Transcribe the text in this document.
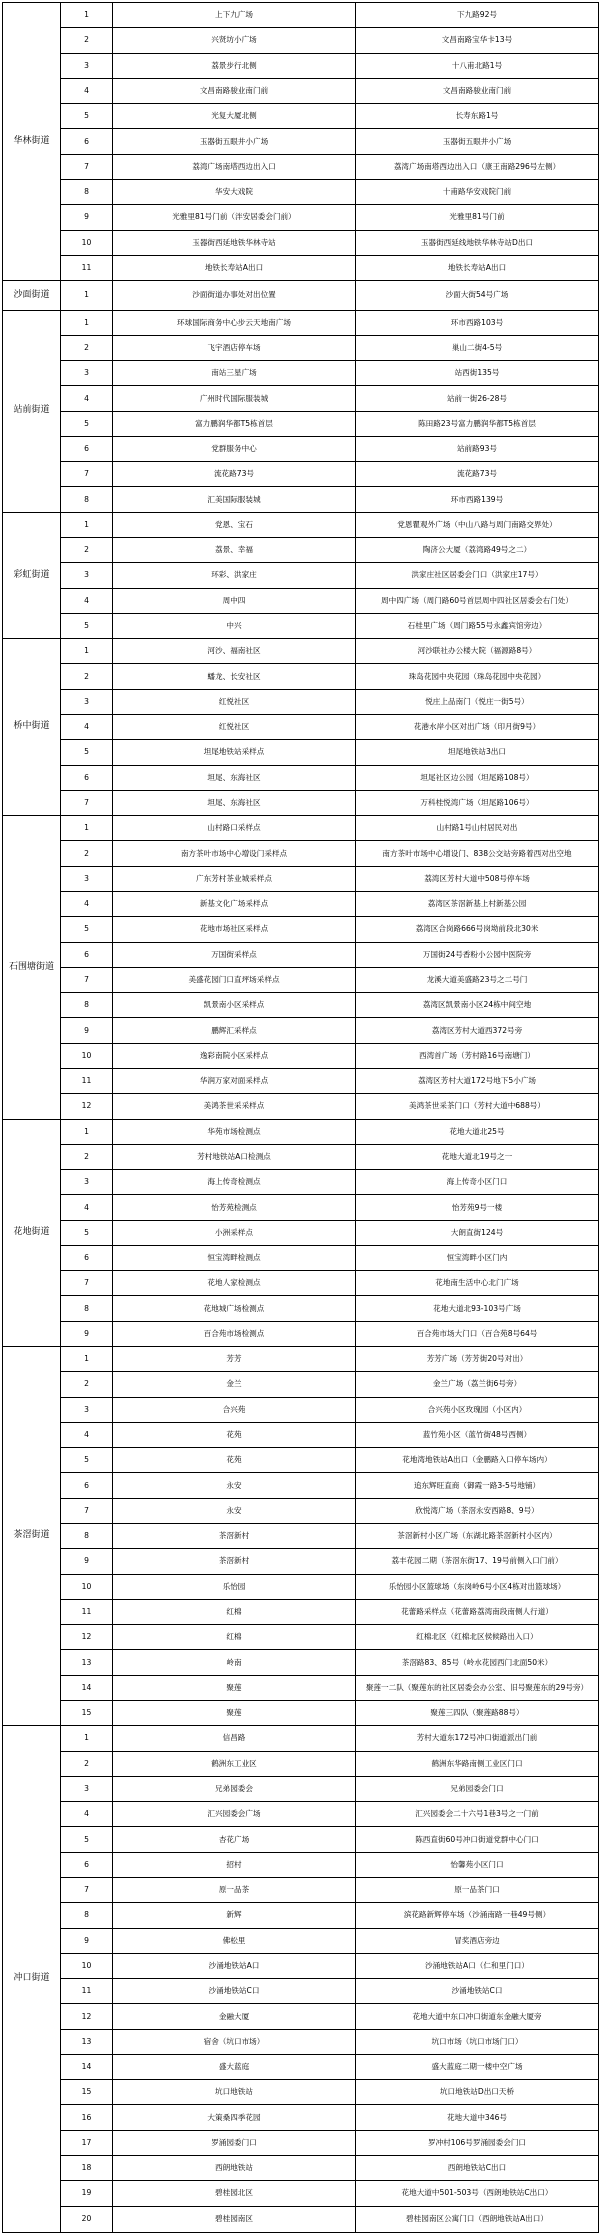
华林街道	1	上下九广场	下九路92号
	2	兴贤坊小广场	文昌南路宝华卡13号
	3	荔景步行北侧	十八甫北路1号
	4	文昌南路骏业南门前	文昌南路骏业南门前
	5	光复大厦北侧	长寿东路1号
	6	玉器街五眼井小广场	玉器街五眼井小广场
	7	荔湾广场南塔西边出入口	荔湾广场南塔西边出入口（康王南路296号左侧）
	8	华安大戏院	十甫路华安戏院门前
	9	光雅里81号门前（泮安居委会门前）	光雅里81号门前
	10	玉器街西延地铁华林寺站	玉器街西延线地铁华林寺站D出口
	11	地铁长寿站A出口	地铁长寿站A出口
沙面街道	1	沙面街道办事处对出位置	沙面大街54号广场
站前街道	1	环球国际商务中心步云天地南广场	环市西路103号
	2	飞宇酒店停车场	巢山二街4-5号
	3	南站三星广场	站西街135号
	4	广州时代国际服装城	站前一街26-28号
	5	富力鹏润华都T5栋首层	陈田路23号富力鹏润华都T5栋首层
	6	党群服务中心	站前路93号
	7	流花路73号	流花路73号
	8	汇美国际服装城	环市西路139号
彩虹街道	1	党恩、宝石	党恩瞿观外广场（中山八路与周门南路交界处）
	2	荔景、幸福	陶济公大厦（荔湾路49号之二）
	3	环彩、洪家庄	洪家庄社区居委会门口（洪家庄17号）
	4	周中四	周中四广场（周门路60号首层周中四社区居委会右门处）
	5	中兴	石桂里广场（周门路55号永鑫宾馆旁边）
桥中街道	1	河沙、福南社区	河沙联社办公楼大院（福源路8号）
	2	蟠龙、长安社区	珠岛花园中央花园（珠岛花园中央花园）
	3	红悦社区	悦庄上品南门（悦庄一街5号）
	4	红悦社区	花港水岸小区对出广场（印月街9号）
	5	坦尾地铁站采样点	坦尾地铁站3出口
	6	坦尾、东海社区	坦尾社区边公园（坦尾路108号）
	7	坦尾、东海社区	万科桂悦湾广场（坦尾路106号）
石围塘街道	1	山村路口采样点	山村路1号山村居民对出
	2	南方茶叶市场中心增设门采样点	南方茶叶市场中心增设门、838公交站旁路着西对出空地
	3	广东芳村茶业城采样点	荔湾区芳村大道中508号停车场
	4	新基文化广场采样点	荔湾区茶滘新基上村新基公园
	5	花地市场社区采样点	荔湾区合岗路666号岗坳前段北30米
	6	万国街采样点	万国街24号香粉小公园中医院旁
	7	美盛花园门口直坪场采样点	龙溪大道美盛路23号之二号门
	8	凯景南小区采样点	荔湾区凯景南小区24栋中间空地
	9	鹏辉汇采样点	荔湾区芳村大道西372号旁
	10	逸彩南院小区采样点	西湾首广场（芳村路16号南塘门）
	11	华润万家对面采样点	荔湾区芳村大道172号地下5小广场
	12	美鸿茶世采采样点	美鸿茶世采茶门口（芳村大道中688号）
花地街道	1	华苑市场检测点	花地大道北25号
	2	芳村地铁站A口检测点	花地大道北19号之一
	3	海上传奇检测点	海上传奇小区门口
	4	怡芳苑检测点	怡芳苑9号一楼
	5	小洲采样点	大朗直街124号
	6	恒宝湾畔检测点	恒宝湾畔小区门内
	7	花地人家检测点	花地南生活中心北门广场
	8	花地城广场检测点	花地大道北93-103号广场
	9	百合苑市场检测点	百合苑市场大门口（百合苑8号64号
茶滘街道	1	芳芳	芳芳广场（芳芳街20号对出）
	2	金兰	金兰广场（荔兰街6号旁）
	3	合兴苑	合兴苑小区玫瑰园（小区内）
	4	花苑	蓝竹苑小区（蓝竹街48号西侧）
	5	花苑	花地湾地铁站A出口（金鹏路入口停车场内）
	6	永安	追东辉旺直商（御霞一路3-5号地铺）
	7	永安	欣悦湾广场（茶滘永安西路8、9号）
	8	茶滘新村	茶滘新村小区广场（东湖北路茶滘新村小区内）
	9	茶滘新村	荔丰花园二期（茶滘东街17、19号前侧入口门前）
	10	乐怡园	乐怡园小区篮球场（东岗岭6号小区4栋对出篮球场）
	11	红棉	花蕾路采样点（花蕾路荔湾南段南侧人行道）
	12	红棉	红棉北区（红棉北区侯候路出入口）
	13	岭南	茶滘路83、85号（岭水花园西门北面50米）
	14	聚莲	聚莲一二队（聚莲东的社区居委会办公室、旧号聚莲东的29号旁）
	15	聚莲	聚莲三四队（聚莲路88号）
冲口街道	1	信昌路	芳村大道东172号冲口街道派出门前
	2	鹤洲东工业区	鹤洲东华路南侧工业区门口
	3	兄弟园委会	兄弟园委会门口
	4	汇兴园委会广场	汇兴园委会二十六号1巷3号之一门前
	5	杏花广场	陈西直街60号冲口街道党群中心门口
	6	招村	怡馨苑小区门口
	7	原一品茶	原一品茶门口
	8	新辉	滨花路新辉停车场（沙涌南路一巷49号侧）
	9	佛松里	冒奖酒店旁边
	10	沙涌地铁站A口	沙涌地铁站A口（仁和里门口）
	11	沙涌地铁站C口	沙涌地铁站C口
	12	金融大厦	花地大道中东口冲口街道东金融大厦旁
	13	宿舍（坑口市场）	坑口市场（坑口市场门口）
	14	盛大蓝庭	盛大蓝庭二期一楼中空广场
	15	坑口地铁站	坑口地铁站D出口天桥
	16	大策桑四季花园	花地大道中346号
	17	罗涌园委门口	罗冲村106号罗涌园委会门口
	18	西朗地铁站	西朗地铁站C出口
	19	碧桂园北区	花地大道中501-503号（西朗地铁站C出口）
	20	碧桂园南区	碧桂园南区公寓门口（西朗地铁站A出口）
